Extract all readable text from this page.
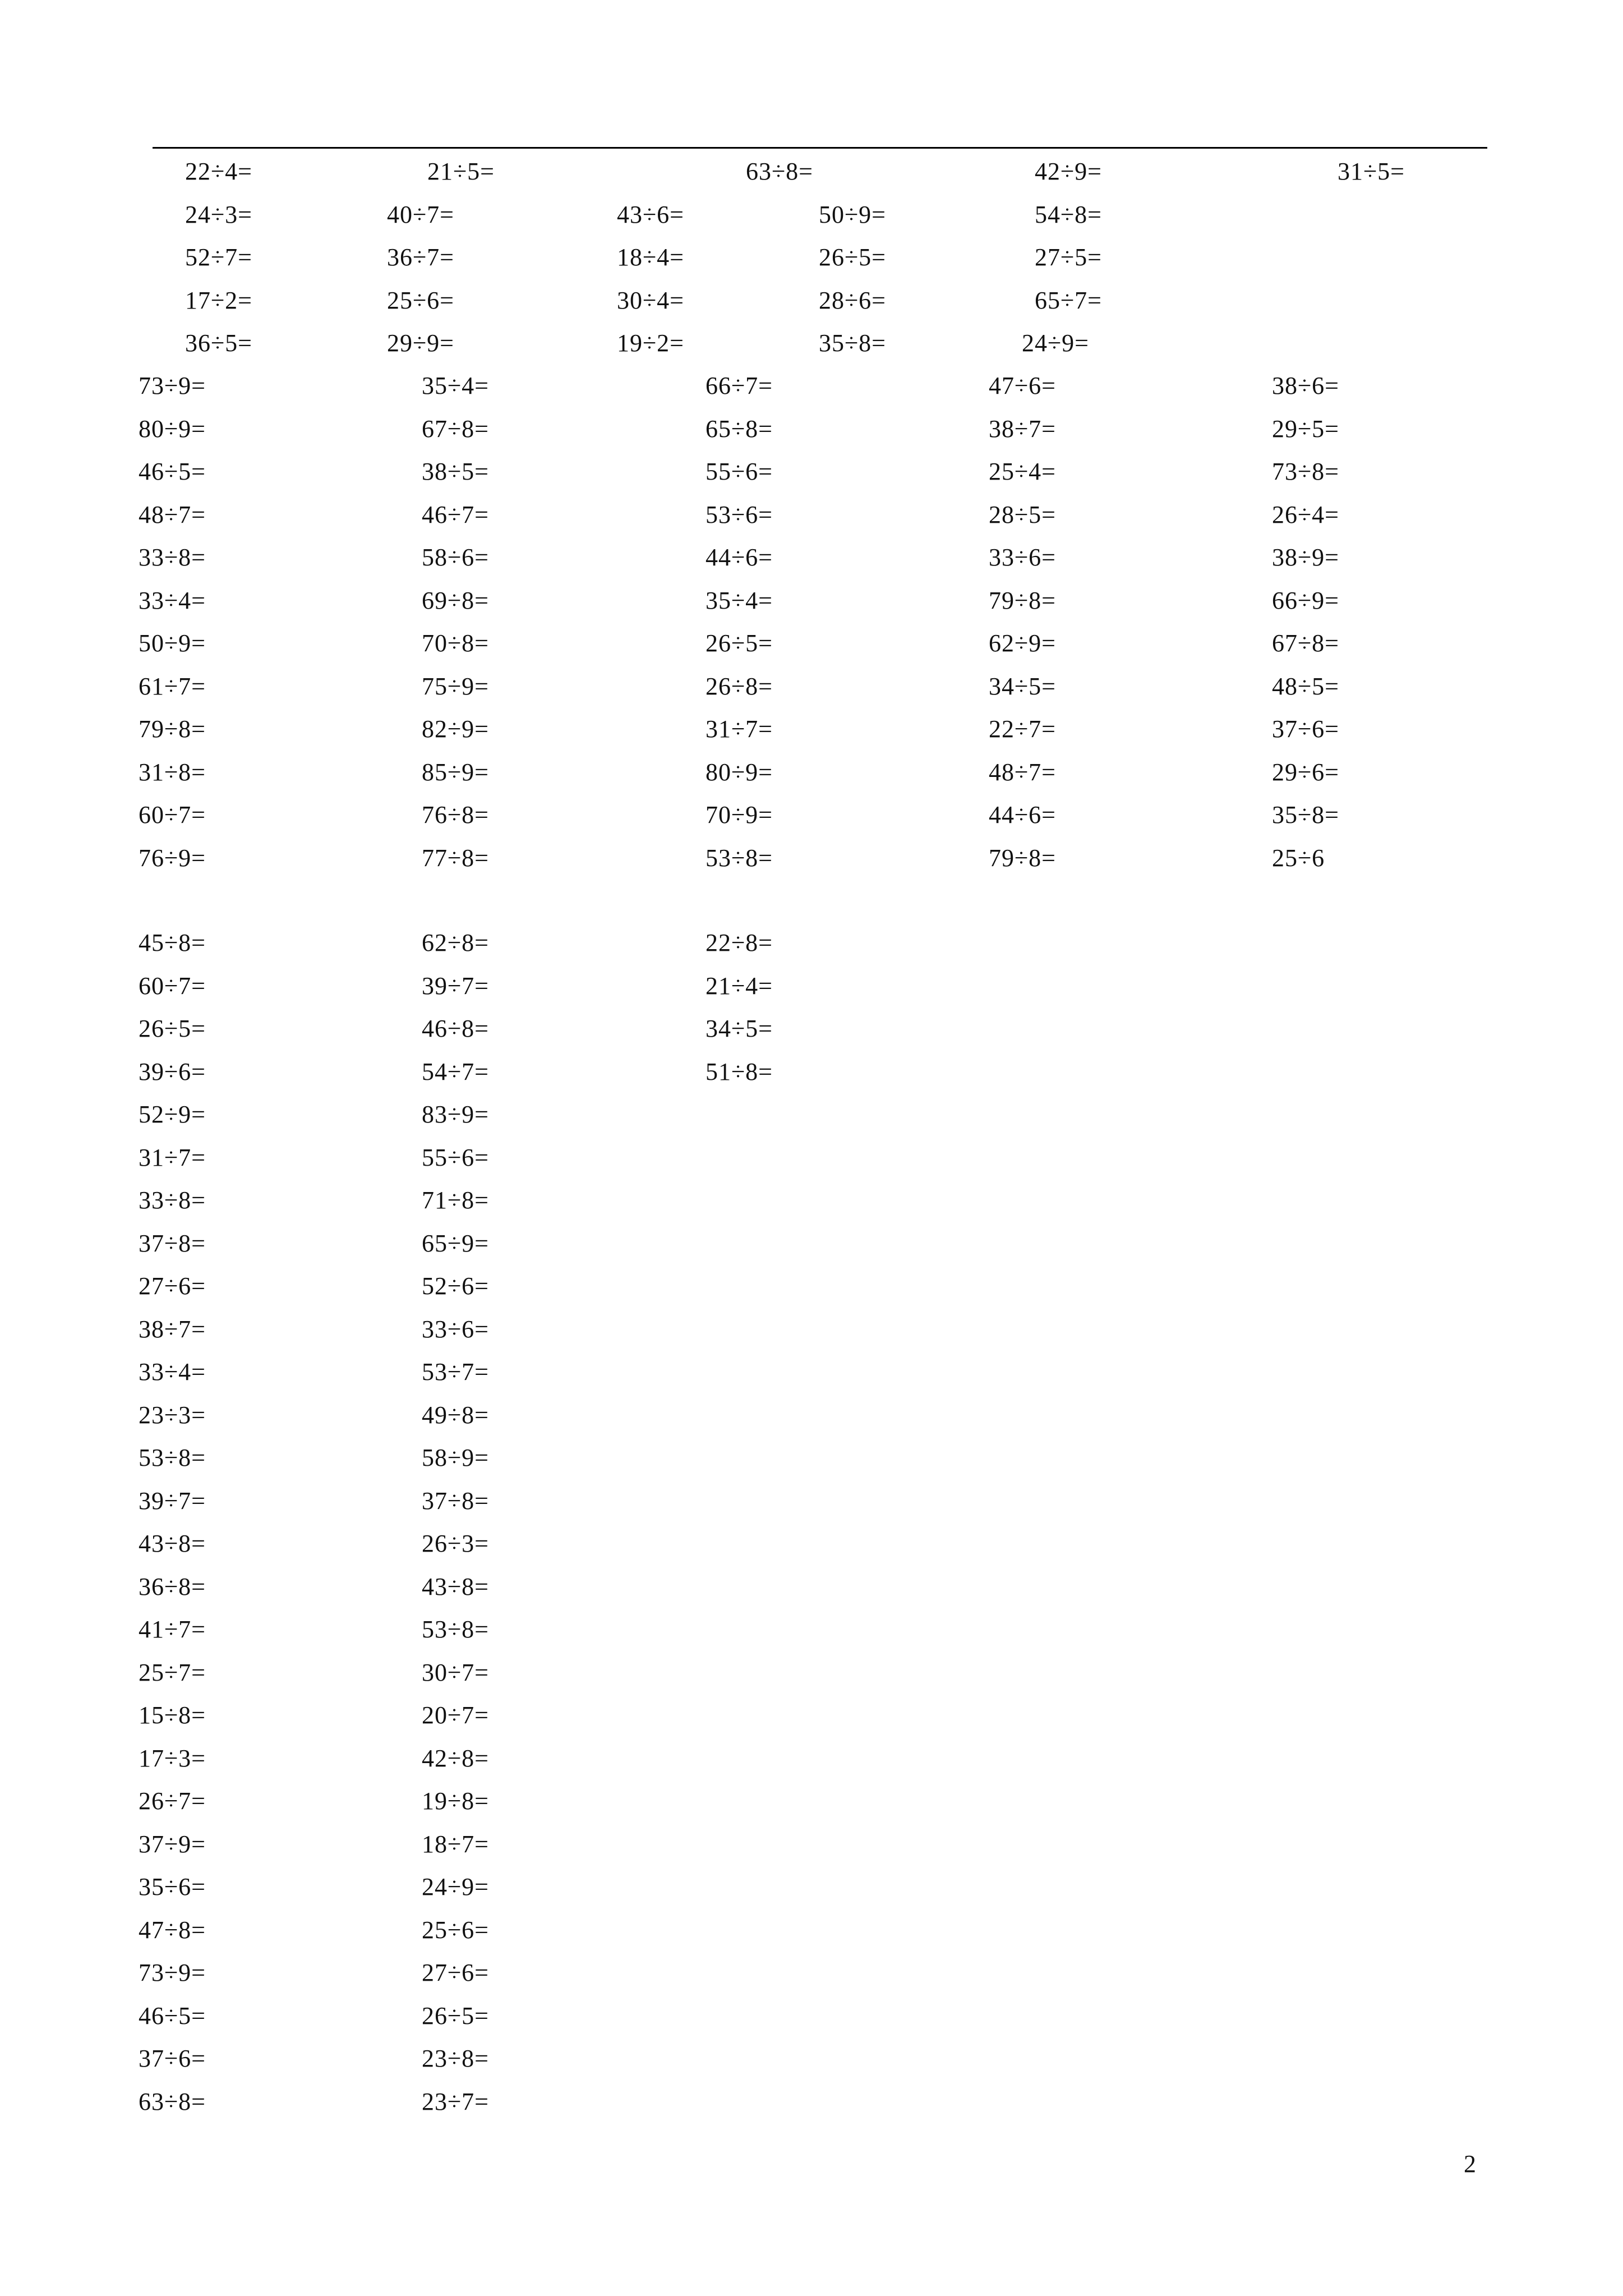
22÷4=	21÷5=	63÷8=	42÷9=	31÷5=
24÷3=	40÷7=	43÷6=	50÷9=	54÷8=
52÷7=	36÷7=	18÷4=	26÷5=	27÷5=
17÷2=	25÷6=	30÷4=	28÷6=	65÷7=
36÷5=	29÷9=	19÷2=	35÷8=	24÷9=
73÷9=	35÷4=	66÷7=	47÷6=	38÷6=
80÷9=	67÷8=	65÷8=	38÷7=	29÷5=
46÷5=	38÷5=	55÷6=	25÷4=	73÷8=
48÷7=	46÷7=	53÷6=	28÷5=	26÷4=
33÷8=	58÷6=	44÷6=	33÷6=	38÷9=
33÷4=	69÷8=	35÷4=	79÷8=	66÷9=
50÷9=	70÷8=	26÷5=	62÷9=	67÷8=
61÷7=	75÷9=	26÷8=	34÷5=	48÷5=
79÷8=	82÷9=	31÷7=	22÷7=	37÷6=
31÷8=	85÷9=	80÷9=	48÷7=	29÷6=
60÷7=	76÷8=	70÷9=	44÷6=	35÷8=
76÷9=	77÷8=	53÷8=	79÷8=	25÷6
45÷8=	62÷8=	22÷8=
60÷7=	39÷7=	21÷4=
26÷5=	46÷8=	34÷5=
39÷6=	54÷7=	51÷8=
52÷9=	83÷9=
31÷7=	55÷6=
33÷8=	71÷8=
37÷8=	65÷9=
27÷6=	52÷6=
38÷7=	33÷6=
33÷4=	53÷7=
23÷3=	49÷8=
53÷8=	58÷9=
39÷7=	37÷8=
43÷8=	26÷3=
36÷8=	43÷8=
41÷7=	53÷8=
25÷7=	30÷7=
15÷8=	20÷7=
17÷3=	42÷8=
26÷7=	19÷8=
37÷9=	18÷7=
35÷6=	24÷9=
47÷8=	25÷6=
73÷9=	27÷6=
46÷5=	26÷5=
37÷6=	23÷8=
63÷8=	23÷7=
2
